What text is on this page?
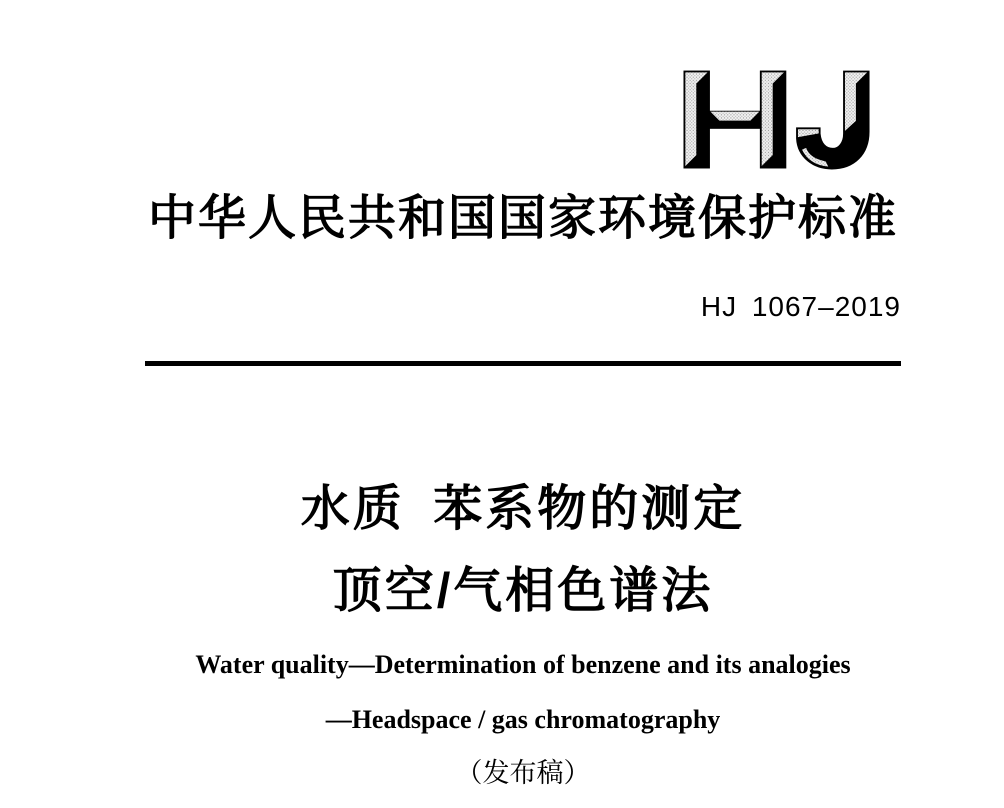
中华人民共和国国家环境保护标准
HJ 1067–2019
水质 苯系物的测定
顶空/气相色谱法
Water quality—Determination of benzene and its analogies
—Headspace / gas chromatography
（发布稿）
